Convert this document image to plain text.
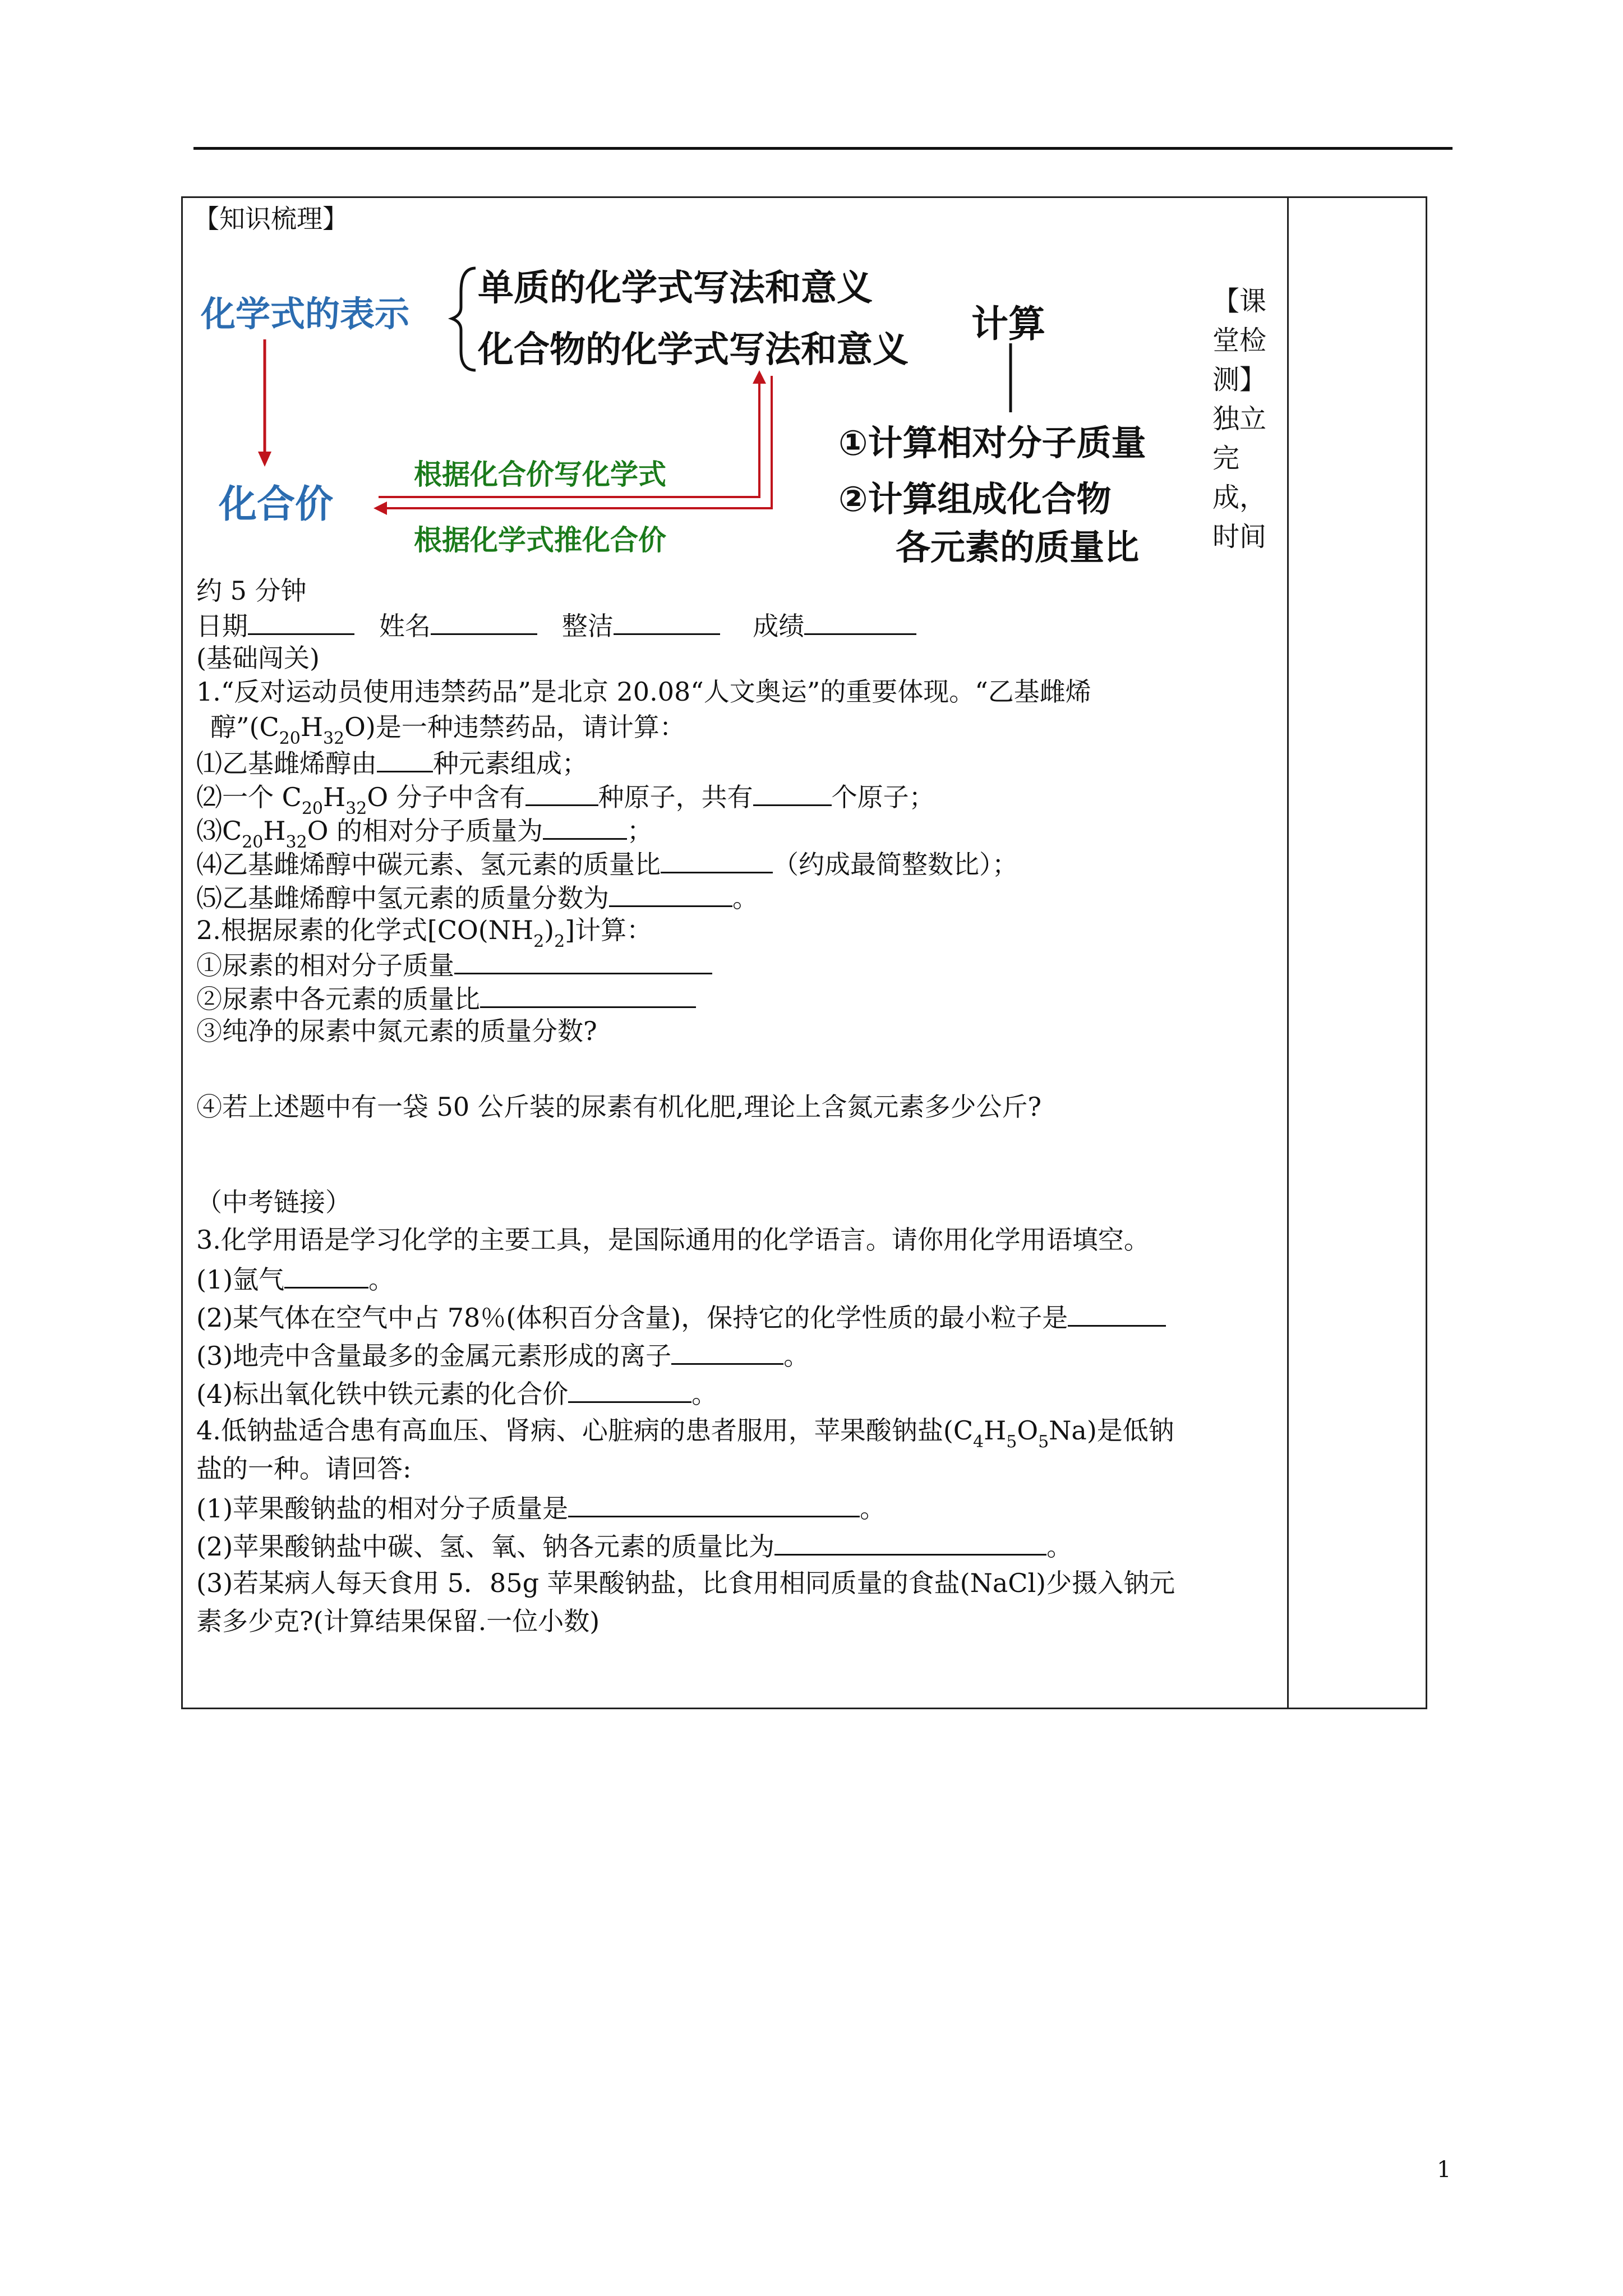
【知识梳理】
化学式的表示
单质的化学式写法和意义
化合物的化学式写法和意义
计算
化合价
根据化合价写化学式
根据化学式推化合价
①计算相对分子质量
②计算组成化合物
各元素的质量比
【课
堂检
测】
独立
完
成，
时间
约 5 分钟
日期	姓名	整洁	成绩
(基础闯关)
1.“反对运动员使用违禁药品”是北京 20.08“人文奥运”的重要体现。“乙基雌烯
醇$”(C_{20}H_{32}O)$是一种违禁药品，请计算：
⑴乙基雌烯醇由 种元素组成；
⑵一个 $C_{20}H_{32}O$ 分子中含有	种原子，共有	个原子；
$⑶C_{20}H_{32}O$ 的相对分子质量为	；
⑷乙基雌烯醇中碳元素、氢元素的质量比	（约成最简整数比）；
⑸乙基雌烯醇中氢元素的质量分数为	。
2.根据尿素的化学式$[CO(NH_2)_2]$计算：
①尿素的相对分子质量
②尿素中各元素的质量比
③纯净的尿素中氮元素的质量分数?
④若上述题中有一袋 50 公斤装的尿素有机化肥,理论上含氮元素多少公斤?
（中考链接）
3.化学用语是学习化学的主要工具，是国际通用的化学语言。请你用化学用语填空。
(1)氩气	。
(2)某气体在空气中占 78％(体积百分含量)，保持它的化学性质的最小粒子是
(3)地壳中含量最多的金属元素形成的离子	。
(4)标出氧化铁中铁元素的化合价	。
4.低钠盐适合患有高血压、肾病、心脏病的患者服用，苹果酸钠盐$(C_4H_5O_5Na)$是低钠
盐的一种。请回答:
(1)苹果酸钠盐的相对分子质量是	。
(2)苹果酸钠盐中碳、氢、氧、钠各元素的质量比为	。
(3)若某病人每天食用 5．85g 苹果酸钠盐，比食用相同质量的食盐(NaCl)少摄入钠元
素多少克?(计算结果保留.一位小数)
1
